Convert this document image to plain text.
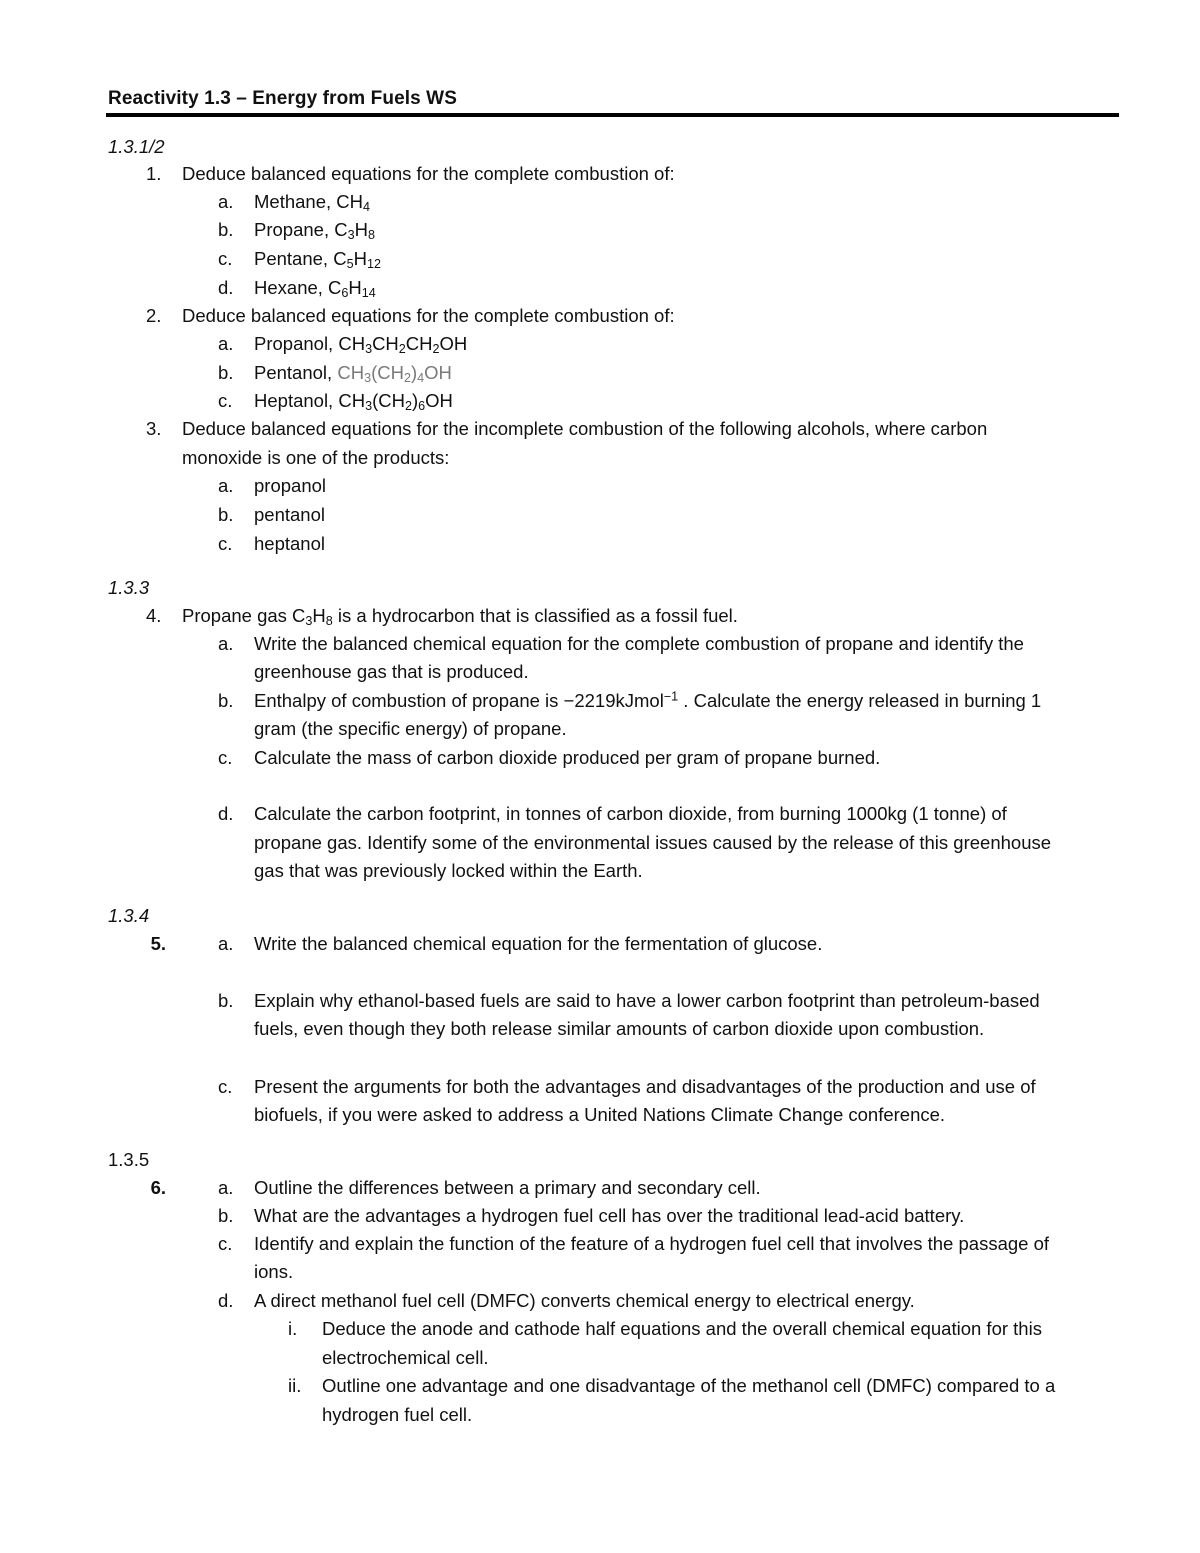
Reactivity 1.3 – Energy from Fuels WS
1.3.1/2
1. Deduce balanced equations for the complete combustion of:
a. Methane, $CH_4$
b. Propane, $C_3H_8$
c. Pentane, $C_5H_{12}$
d. Hexane, $C_6H_{14}$
2. Deduce balanced equations for the complete combustion of:
a. Propanol, $CH_3CH_2CH_2OH$
b. Pentanol, $CH_3(CH_2)_4OH$
c. Heptanol, $CH_3(CH_2)_6OH$
3. Deduce balanced equations for the incomplete combustion of the following alcohols, where carbon
monoxide is one of the products:
a. propanol
b. pentanol
c. heptanol
1.3.3
4. Propane gas $C_3H_8$ is a hydrocarbon that is classified as a fossil fuel.
a. Write the balanced chemical equation for the complete combustion of propane and identify the
greenhouse gas that is produced.
b. Enthalpy of combustion of propane is −2219kJmol$^{-1}$ . Calculate the energy released in burning 1
gram (the specific energy) of propane.
c. Calculate the mass of carbon dioxide produced per gram of propane burned.
d. Calculate the carbon footprint, in tonnes of carbon dioxide, from burning 1000kg (1 tonne) of
propane gas. Identify some of the environmental issues caused by the release of this greenhouse
gas that was previously locked within the Earth.
1.3.4
5.	a. Write the balanced chemical equation for the fermentation of glucose.
b. Explain why ethanol-based fuels are said to have a lower carbon footprint than petroleum-based
fuels, even though they both release similar amounts of carbon dioxide upon combustion.
c. Present the arguments for both the advantages and disadvantages of the production and use of
biofuels, if you were asked to address a United Nations Climate Change conference.
1.3.5
6.	a. Outline the differences between a primary and secondary cell.
b. What are the advantages a hydrogen fuel cell has over the traditional lead-acid battery.
c. Identify and explain the function of the feature of a hydrogen fuel cell that involves the passage of
ions.
d. A direct methanol fuel cell (DMFC) converts chemical energy to electrical energy.
i. Deduce the anode and cathode half equations and the overall chemical equation for this
electrochemical cell.
ii. Outline one advantage and one disadvantage of the methanol cell (DMFC) compared to a
hydrogen fuel cell.
